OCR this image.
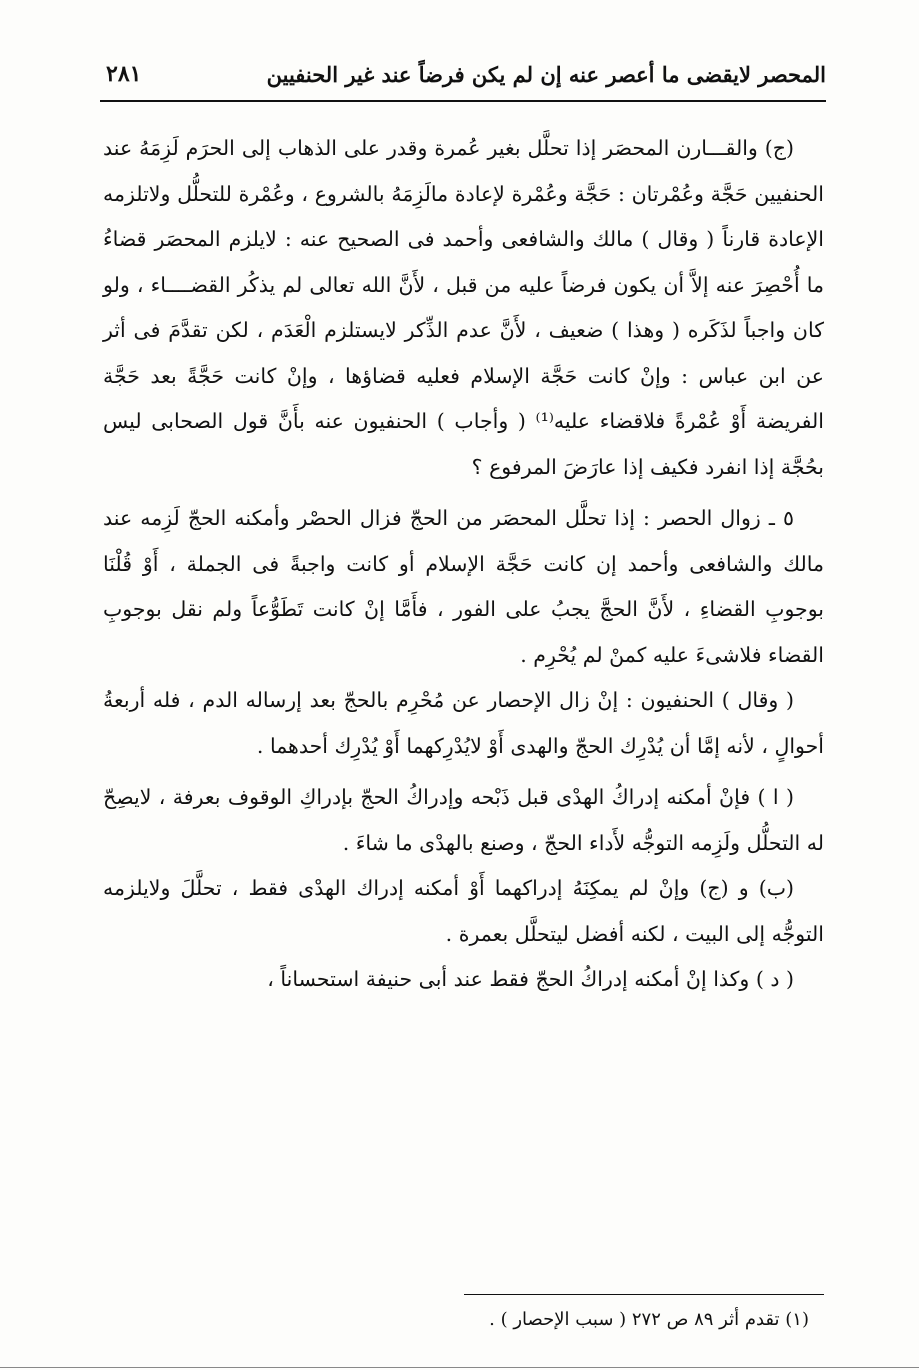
المحصر لايقضى ما أعصر عنه إن لم يكن فرضاً عند غير الحنفيين
٢٨١

(ج) والقـــارن المحصَر إذا تحلَّل بغير عُمرة وقدر على الذهاب إلى الحرَم لَزِمَهُ عند الحنفيين حَجَّة وعُمْرتان : حَجَّة وعُمْرة لإعادة مالَزِمَهُ بالشروع ، وعُمْرة للتحلُّل ولاتلزمه الإعادة قارناً ( وقال ) مالك والشافعى وأحمد فى الصحيح عنه : لايلزم المحصَر قضاءُ ما أُحْصِرَ عنه إلاَّ أن يكون فرضاً عليه من قبل ، لأَنَّ الله تعالى لم يذكُر القضــــاء ، ولو كان واجباً لذَكَره ( وهذا ) ضعيف ، لأَنَّ عدم الذِّكر لايستلزم الْعَدَم ، لكن تقدَّمَ فى أثر عن ابن عباس : وإنْ كانت حَجَّة الإسلام فعليه قضاؤها ، وإنْ كانت حَجَّةً بعد حَجَّة الفريضة أَوْ عُمْرةً فلاقضاء عليه⁽¹⁾ ( وأجاب ) الحنفيون عنه بأَنَّ قول الصحابى ليس بحُجَّة إذا انفرد فكيف إذا عارَضَ المرفوع ؟

٥ ـ زوال الحصر : إذا تحلَّل المحصَر من الحجّ فزال الحصْر وأمكنه الحجّ لَزِمه عند مالك والشافعى وأحمد إن كانت حَجَّة الإسلام أو كانت واجبةً فى الجملة ، أَوْ قُلْنَا بوجوبِ القضاءِ ، لأَنَّ الحجَّ يجبُ على الفور ، فأَمَّا إنْ كانت تَطَوُّعاً ولم نقل بوجوبِ القضاء فلاشىءَ عليه كمنْ لم يُحْرِم .

( وقال ) الحنفيون : إنْ زال الإحصار عن مُحْرِم بالحجّ بعد إرساله الدم ، فله أربعةُ أحوالٍ ، لأنه إمَّا أن يُدْرِك الحجّ والهدى أَوْ لايُدْرِكهما أَوْ يُدْرِك أحدهما .

( ا ) فإنْ أمكنه إدراكُ الهدْى قبل ذَبْحه وإدراكُ الحجّ بإدراكِ الوقوف بعرفة ، لايصِحّ له التحلُّل ولَزِمه التوجُّه لأَداء الحجّ ، وصنع بالهدْى ما شاءَ .

(ب) و (ج) وإنْ لم يمكِنَهُ إدراكهما أَوْ أمكنه إدراك الهدْى فقط ، تحلَّلَ ولايلزمه التوجُّه إلى البيت ، لكنه أفضل ليتحلَّل بعمرة .

( د ) وكذا إنْ أمكنه إدراكُ الحجّ فقط عند أبى حنيفة استحساناً ،

(١) تقدم أثر ٨٩ ص ٢٧٢ ( سبب الإحصار ) .
